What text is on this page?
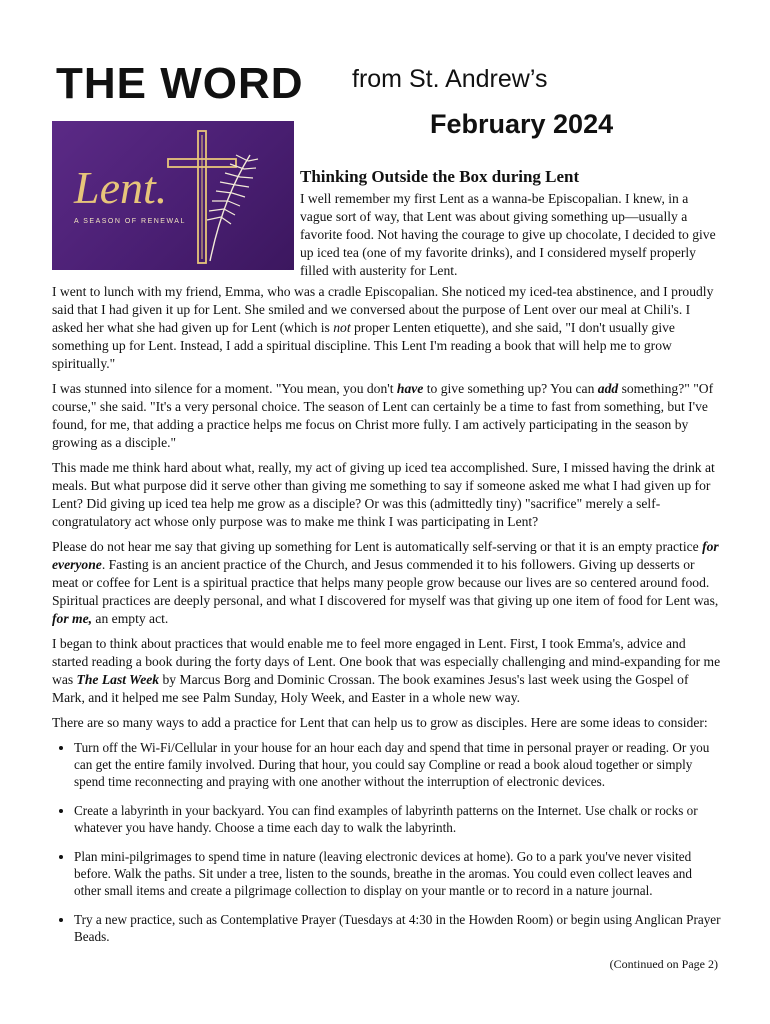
THE WORD from St. Andrew’s
February 2024
Lent.
A SEASON OF RENEWAL
Thinking Outside the Box during Lent

I well remember my first Lent as a wanna-be Episcopalian. I knew, in a vague sort of way, that Lent was about giving something up—usually a favorite food. Not having the courage to give up chocolate, I decided to give up iced tea (one of my favorite drinks), and I considered myself properly filled with austerity for Lent.

I went to lunch with my friend, Emma, who was a cradle Episcopalian. She noticed my iced-tea abstinence, and I proudly said that I had given it up for Lent. She smiled and we conversed about the purpose of Lent over our meal at Chili's. I asked her what she had given up for Lent (which is not proper Lenten etiquette), and she said, "I don't usually give something up for Lent. Instead, I add a spiritual discipline. This Lent I'm reading a book that will help me to grow spiritually."

I was stunned into silence for a moment. "You mean, you don't have to give something up? You can add something?" "Of course," she said. "It's a very personal choice. The season of Lent can certainly be a time to fast from something, but I've found, for me, that adding a practice helps me focus on Christ more fully. I am actively participating in the season by growing as a disciple."

This made me think hard about what, really, my act of giving up iced tea accomplished. Sure, I missed having the drink at meals. But what purpose did it serve other than giving me something to say if someone asked me what I had given up for Lent? Did giving up iced tea help me grow as a disciple? Or was this (admittedly tiny) "sacrifice" merely a self-congratulatory act whose only purpose was to make me think I was participating in Lent?

Please do not hear me say that giving up something for Lent is automatically self-serving or that it is an empty practice for everyone. Fasting is an ancient practice of the Church, and Jesus commended it to his followers. Giving up desserts or meat or coffee for Lent is a spiritual practice that helps many people grow because our lives are so centered around food. Spiritual practices are deeply personal, and what I discovered for myself was that giving up one item of food for Lent was, for me, an empty act.

I began to think about practices that would enable me to feel more engaged in Lent. First, I took Emma's, advice and started reading a book during the forty days of Lent. One book that was especially challenging and mind-expanding for me was The Last Week by Marcus Borg and Dominic Crossan. The book examines Jesus's last week using the Gospel of Mark, and it helped me see Palm Sunday, Holy Week, and Easter in a whole new way.

There are so many ways to add a practice for Lent that can help us to grow as disciples. Here are some ideas to consider:

• Turn off the Wi-Fi/Cellular in your house for an hour each day and spend that time in personal prayer or reading. Or you can get the entire family involved. During that hour, you could say Compline or read a book aloud together or simply spend time reconnecting and praying with one another without the interruption of electronic devices.
• Create a labyrinth in your backyard. You can find examples of labyrinth patterns on the Internet. Use chalk or rocks or whatever you have handy. Choose a time each day to walk the labyrinth.
• Plan mini-pilgrimages to spend time in nature (leaving electronic devices at home). Go to a park you've never visited before. Walk the paths. Sit under a tree, listen to the sounds, breathe in the aromas. You could even collect leaves and other small items and create a pilgrimage collection to display on your mantle or to record in a nature journal.
• Try a new practice, such as Contemplative Prayer (Tuesdays at 4:30 in the Howden Room) or begin using Anglican Prayer Beads.
(Continued on Page 2)
